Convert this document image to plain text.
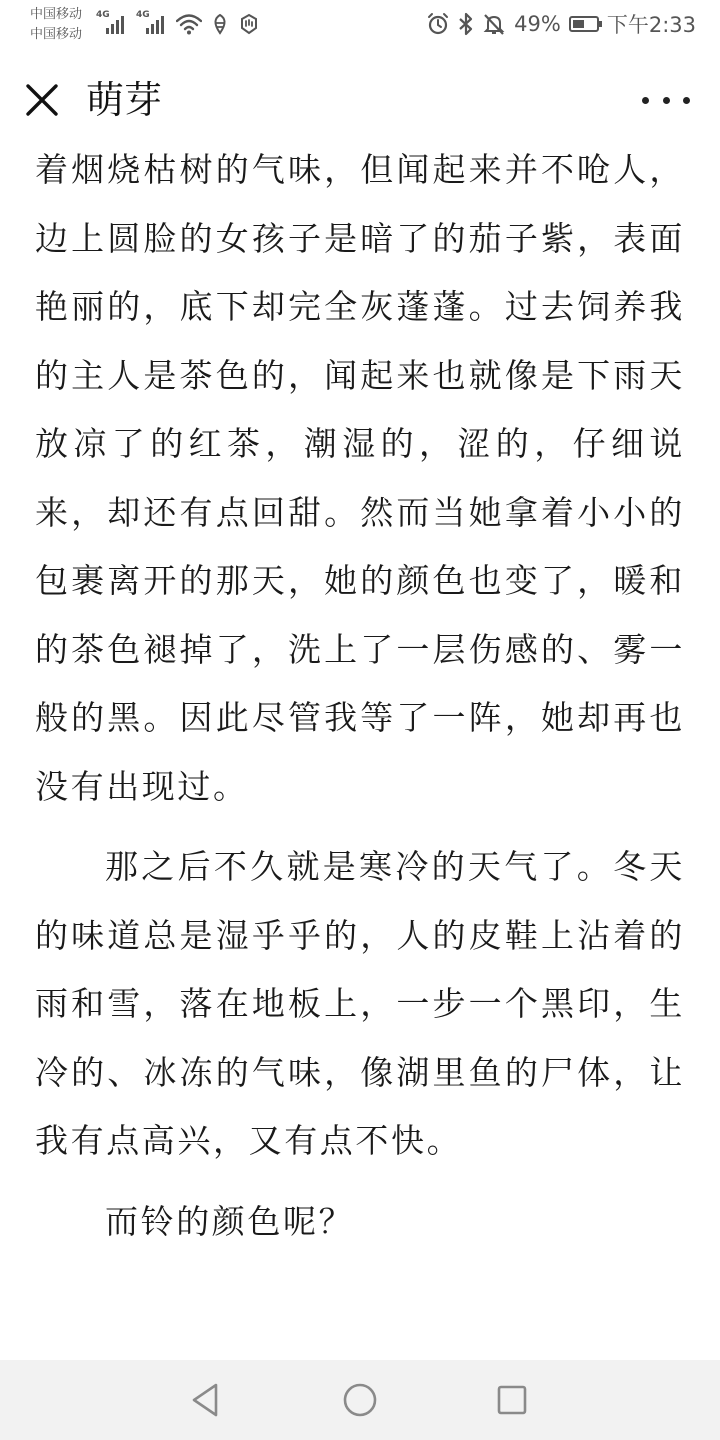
中国移动
中国移动
4G	4G	49% 下午2:33
萌芽

着烟烧枯树的气味，但闻起来并不呛人，边上圆脸的女孩子是暗了的茄子紫，表面艳丽的，底下却完全灰蓬蓬。过去饲养我的主人是茶色的，闻起来也就像是下雨天放凉了的红茶，潮湿的，涩的，仔细说来，却还有点回甜。然而当她拿着小小的包裹离开的那天，她的颜色也变了，暖和的茶色褪掉了，洗上了一层伤感的、雾一般的黑。因此尽管我等了一阵，她却再也没有出现过。

那之后不久就是寒冷的天气了。冬天的味道总是湿乎乎的，人的皮鞋上沾着的雨和雪，落在地板上，一步一个黑印，生冷的、冰冻的气味，像湖里鱼的尸体，让我有点高兴，又有点不快。

而铃的颜色呢？
